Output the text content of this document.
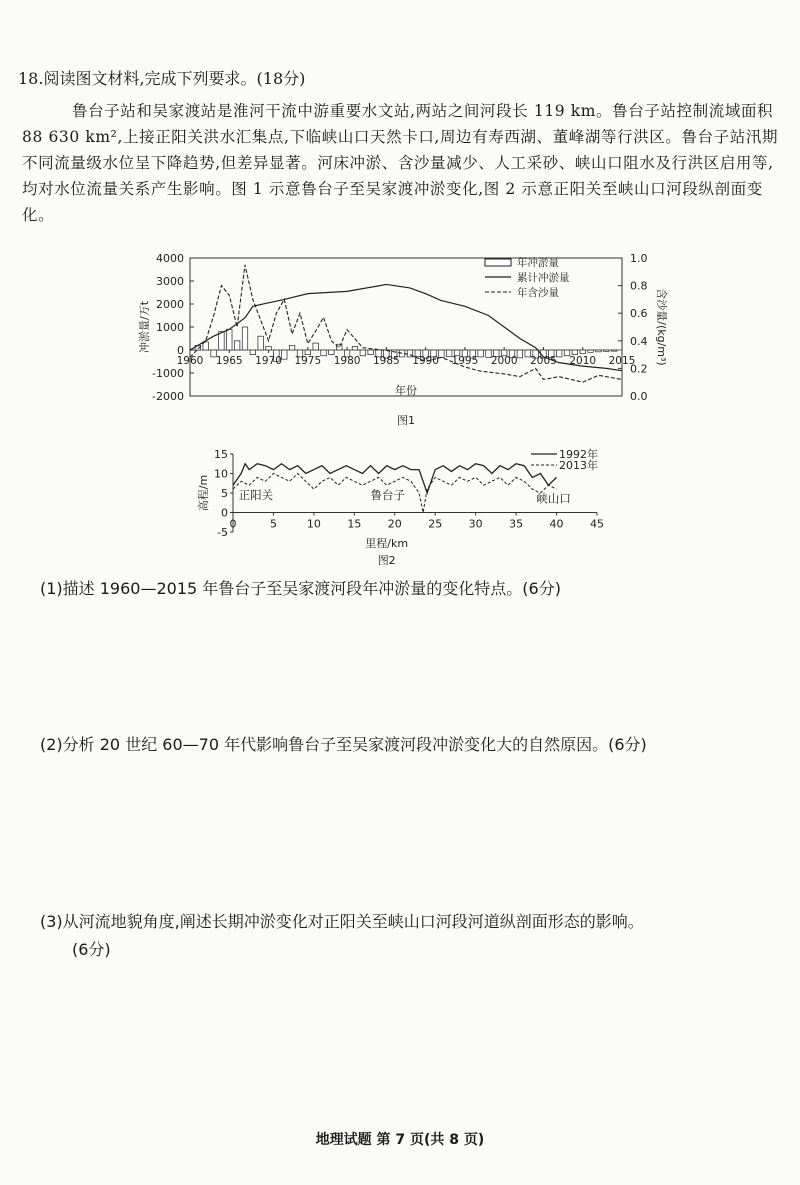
18.阅读图文材料,完成下列要求。(18分)
鲁台子站和吴家渡站是淮河干流中游重要水文站,两站之间河段长 119 km。鲁台子站控制流域面积 88 630 km²,上接正阳关洪水汇集点,下临峡山口天然卡口,周边有寿西湖、董峰湖等行洪区。鲁台子站汛期不同流量级水位呈下降趋势,但差异显著。河床冲淤、含沙量减少、人工采砂、峡山口阻水及行洪区启用等,均对水位流量关系产生影响。图 1 示意鲁台子至吴家渡冲淤变化,图 2 示意正阳关至峡山口河段纵剖面变化。
4000
3000
2000
1000
0
-1000
-2000
1.0
0.8
0.6
0.4
0.2
0.0
1960 1965 1970 1975 1980 1985 1990 1995 2000 2005 2010 2015
年冲淤量
累计冲淤量
年含沙量
冲淤量/万t	含沙量/(kg/m³)
年份
图1
15
10
5
0
-5
0	5	10 15 20 25 30 35 40 45
1992年
2013年
正阳关	鲁台子	峡山口
高程/m
里程/km
图2
(1)描述 1960—2015 年鲁台子至吴家渡河段年冲淤量的变化特点。(6分)
(2)分析 20 世纪 60—70 年代影响鲁台子至吴家渡河段冲淤变化大的自然原因。(6分)
(3)从河流地貌角度,阐述长期冲淤变化对正阳关至峡山口河段河道纵剖面形态的影响。
(6分)
地理试题 第 7 页(共 8 页)
